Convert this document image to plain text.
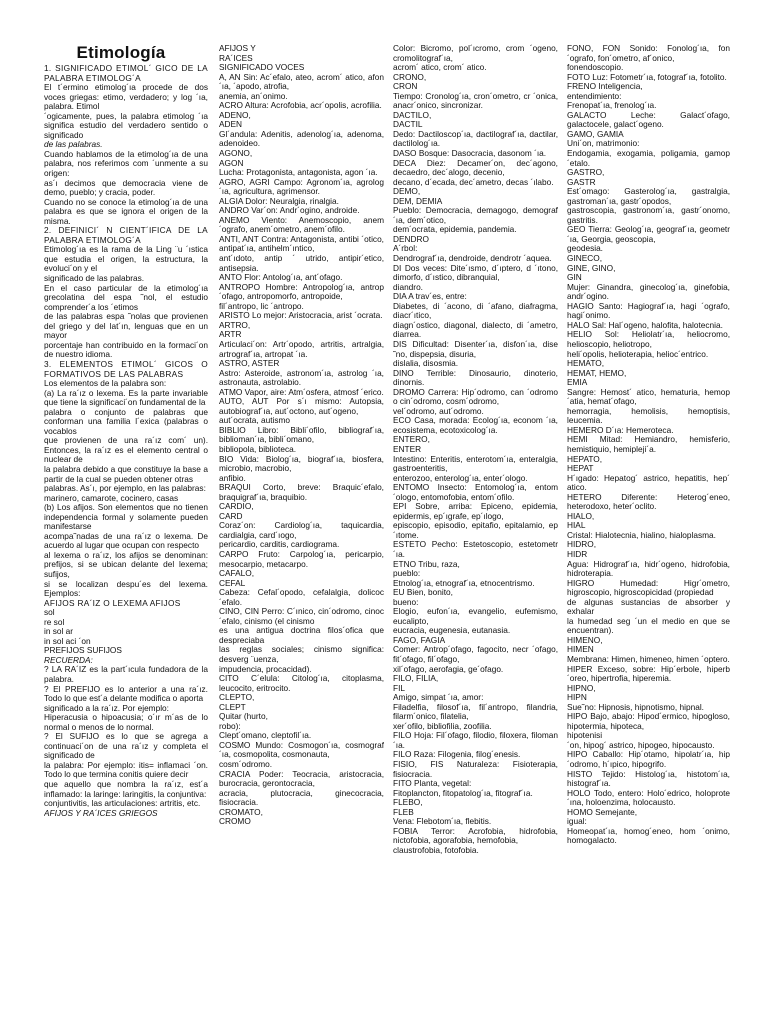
Etimología

1. SIGNIFICADO ETIMOL´ GICO DE LA PALABRA ETIMOLOG´A

El t´ermino etimolog´ıa procede de dos voces griegas: etimo, verdadero; y log ´ıa, palabra. Etimol

´ogicamente, pues, la palabra etimolog ´ıa significa estudio del verdadero sentido o significado

de las palabras.

Cuando hablamos de la etimolog´ıa de una palabra, nos referimos com ´unmente a su origen:

as´ı decimos que democracia viene de demo, pueblo; y cracia, poder.

Cuando no se conoce la etimolog´ıa de una palabra es que se ignora el origen de la misma.

2. DEFINICI´ N CIENT´IFICA DE LA PALABRA ETIMOLOG´A

Etimolog´ıa es la rama de la Ling ¨u ´ıstica que estudia el origen, la estructura, la evoluci´on y el

significado de las palabras.

En el caso particular de la etimolog´ıa grecolatina del espa ˜nol, el estudio comprender´a los ´etimos

de las palabras espa ˜nolas que provienen del griego y del lat´ın, lenguas que en un mayor

porcentaje han contribuido en la formaci´on de nuestro idioma.

3. ELEMENTOS ETIMOL´ GICOS O FORMATIVOS DE LAS PALABRAS

Los elementos de la palabra son:

(a) La ra´ız o lexema. Es la parte invariable que tiene la significaci´on fundamental de la

palabra o conjunto de palabras que conforman una familia l´exica (palabras o vocablos

que provienen de una ra´ız com´ un). Entonces, la ra´ız es el elemento central o nuclear de

la palabra debido a que constituye la base a partir de la cual se pueden obtener otras

palabras. As´ı, por ejemplo, en las palabras:

marinero, camarote, cocinero, casas

(b) Los afijos. Son elementos que no tienen independencia formal y solamente pueden manifestarse

acompa˜nadas de una ra´ız o lexema. De acuerdo al lugar que ocupan con respecto

al lexema o ra´ız, los afijos se denominan: prefijos, si se ubican delante del lexema; sufijos,

si se localizan despu´es del lexema. Ejemplos:

AFIJOS RA´IZ O LEXEMA AFIJOS

sol

re sol

in sol ar

in sol aci ´on

PREFIJOS SUFIJOS

RECUERDA:

? LA RA´IZ es la part´ıcula fundadora de la palabra.

? El PREFIJO es lo anterior a una ra´ız. Todo lo que est´a delante modifica o aporta

significado a la ra´ız. Por ejemplo:

Hiperacusia o hipoacusia; o´ır m´as de lo normal o menos de lo normal.

? El SUFIJO es lo que se agrega a continuaci´on de una ra´ız y completa el significado de

la palabra: Por ejemplo: itis= inflamaci ´on. Todo lo que termina conitis quiere decir

que aquello que nombra la ra´ız, est´a inflamado: la laringe: laringitis, la conjuntiva:

conjuntivitis, las articulaciones: artritis, etc.

AFIJOS Y RA´ICES GRIEGOS

AFIJOS Y

RA´ICES

SIGNIFICADO VOCES

A, AN Sin: Ac´efalo, ateo, acrom´ atico, afon´ıa, ´apodo, atrofia,

anemia, an´onimo.

ACRO Altura: Acrofobia, acr´opolis, acrofilia.

ADENO,

ADEN

Gl´andula: Adenitis, adenolog´ıa, adenoma, adenoideo.

AGONO,

AGON

Lucha: Protagonista, antagonista, agon ´ıa.

AGRO, AGRI Campo: Agronom´ıa, agrolog´ıa, agricultura, agrimensor.

ALGIA Dolor: Neuralgia, rinalgia.

ANDRO Var´on: Andr´ogino, androide.

ANEMO Viento: Anemoscopio, anem ´ografo, anem´ometro, anem´ofilo.

ANTI, ANT Contra: Antagonista, antibi ´otico, antipat´ıa, antihelm´ıntico,

ant´ıdoto, antip ´ utrido, antipir´etico, antisepsia.

ANTO Flor: Antolog´ıa, ant´ofago.

ANTROPO Hombre: Antropolog´ıa, antrop´ofago, antropomorfo, antropoide,

fil´antropo, lic ´antropo.

ARISTO Lo mejor: Aristocracia, arist ´ocrata.

ARTRO,

ARTR

Articulaci´on: Artr´opodo, artritis, artralgia, artrograf´ıa, artropat ´ıa.

ASTRO, ASTER

Astro: Asteroide, astronom´ıa, astrolog ´ıa, astronauta, astrolabio.

ATMO Vapor, aire: Atm´osfera, atmosf ´erico.

AUTO, AUT Por s´ı mismo: Autopsia, autobiograf´ıa, aut´octono, aut´ogeno,

aut´ocrata, autismo

BIBLIO Libro: Bibli´ofilo, bibliograf´ıa, biblioman´ıa, bibli´omano,

bibliopola, biblioteca.

BIO Vida: Biolog´ıa, biograf´ıa, biosfera, microbio, macrobio,

anfibio.

BRAQUI Corto, breve: Braquic´efalo, braquigraf´ıa, braquibio.

CARDIO,

CARD

Coraz´on: Cardiolog´ıa, taquicardia, cardialgia, card´ıogo,

pericardio, carditis, cardiograma.

CARPO Fruto: Carpolog´ıa, pericarpio, mesocarpio, metacarpo.

CAFALO,

CEFAL

Cabeza: Cefal´opodo, cefalalgia, dolicoc´efalo.

CINO, CIN Perro: C´ınico, cin´odromo, cinoc´efalo, cinismo (el cinismo

es una antigua doctrina filos´ofica que despreciaba

las reglas sociales; cinismo significa: desverg ¨uenza,

impudencia, procacidad).

CITO C´elula: Citolog´ıa, citoplasma, leucocito, eritrocito.

CLEPTO,

CLEPT

Quitar (hurto,

robo):

Clept´omano, cleptofil´ıa.

COSMO Mundo: Cosmogon´ıa, cosmograf´ıa, cosmopolita, cosmonauta,

cosm´odromo.

CRACIA Poder: Teocracia, aristocracia, burocracia, gerontocracia,

acracia, plutocracia, ginecocracia, fisiocracia.

CROMATO,

CROMO

Color: Bicromo, pol´ıcromo, crom ´ogeno, cromolitograf´ıa,

acrom´ atico, crom´ atico.

CRONO,

CRON

Tiempo: Cronolog´ıa, cron´ometro, cr ´onica, anacr´onico, sincronizar.

DACTILO,

DACTIL

Dedo: Dactiloscop´ıa, dactilograf´ıa, dactilar, dactilolog´ıa.

DASO Bosque: Dasocracia, dasonom ´ıa.

DECA Diez: Decamer´on, dec´agono, decaedro, dec´alogo, decenio,

decano, d´ecada, dec´ametro, decas ´ılabo.

DEMO,

DEM, DEMIA

Pueblo: Democracia, demagogo, demograf´ıa, dem´otico,

dem´ocrata, epidemia, pandemia.

DENDRO

A´rbol:

Dendrograf´ıa, dendroide, dendrotr ´aquea.

DI Dos veces: Dite´ısmo, d´ıptero, d ´ıtono, dimorfo, d´ıstico, dibranquial,

diandro.

DIA A trav´es, entre:

Diabetes, di ´acono, di ´afano, diafragma, diacr´ıtico,

diagn´ostico, diagonal, dialecto, di ´ametro, diarrea.

DIS Dificultad: Disenter´ıa, disfon´ıa, dise ˜no, dispepsia, disuria,

dislalia, disosmia.

DINO Terrible: Dinosaurio, dinoterio, dinornis.

DROMO Carrera: Hip´odromo, can ´odromo o cin´odromo, cosm´odromo,

vel´odromo, aut´odromo.

ECO Casa, morada: Ecolog´ıa, econom ´ıa, ecosistema, ecotoxicolog´ıa.

ENTERO,

ENTER

Intestino: Enteritis, enterotom´ıa, enteralgia, gastroenteritis,

enterozoo, enterolog´ıa, enter´ologo.

ENTOMO Insecto: Entomolog´ıa, entom ´ologo, entomofobia, entom´ofilo.

EPI Sobre, arriba: Epiceno, epidemia, epidermis, ep´ıgrafe, ep´ılogo,

episcopio, episodio, epitafio, epitalamio, ep´ıtome.

ESTETO Pecho: Estetoscopio, estetometr´ıa.

ETNO Tribu, raza,

pueblo:

Etnolog´ıa, etnograf´ıa, etnocentrismo.

EU Bien, bonito,

bueno:

Elogio, eufon´ıa, evangelio, eufemismo, eucalipto,

eucracia, eugenesia, eutanasia.

FAGO, FAGIA

Comer: Antrop´ofago, fagocito, necr ´ofago, fit´ofago, fil´ofago,

xil´ofago, aerofagia, ge´ofago.

FILO, FILIA,

FIL

Amigo, simpat ´ıa, amor:

Filadelfia, filosof´ıa, fil´antropo, filandria, filarm´onico, filatelia,

xer´ofilo, bibliofilia, zoofilia.

FILO Hoja: Fil´ofago, filodio, filoxera, filoman´ıa.

FILO Raza: Filogenia, filog´enesis.

FISIO, FIS Naturaleza: Fisioterapia, fisiocracia.

FITO Planta, vegetal:

Fitoplancton, fitopatolog´ıa, fitograf´ıa.

FLEBO,

FLEB

Vena: Flebotom´ıa, flebitis.

FOBIA Terror: Acrofobia, hidrofobia, nictofobia, agorafobia, hemofobia,

claustrofobia, fotofobia.

FONO, FON Sonido: Fonolog´ıa, fon ´ografo, fon´ometro, af´onico,

fonendoscopio.

FOTO Luz: Fotometr´ıa, fotograf´ıa, fotolito.

FRENO Inteligencia,

entendimiento:

Frenopat´ıa, frenolog´ıa.

GALACTO Leche: Galact´ofago, galactocele, galact´ogeno.

GAMO, GAMIA

Uni´on, matrimonio:

Endogamia, exogamia, poligamia, gamop´etalo.

GASTRO,

GASTR

Est´omago: Gasterolog´ıa, gastralgia, gastroman´ıa, gastr´opodos,

gastroscopia, gastronom´ıa, gastr´onomo, gastritis.

GEO Tierra: Geolog´ıa, geograf´ıa, geometr´ıa, Georgia, geoscopia,

geodesia.

GINECO,

GINE, GINO,

GIN

Mujer: Ginandra, ginecolog´ıa, ginefobia, andr´ogino.

HAGIO Santo: Hagiograf´ıa, hagi ´ografo, hagi´onimo.

HALO Sal: Hal´ogeno, halofita, halotecnia.

HELIO Sol: Heliolatr´ıa, heliocromo, helioscopio, heliotropo,

heli´opolis, helioterapia, helioc´entrico.

HEMATO,

HEMAT, HEMO,

EMIA

Sangre: Hemost´ atico, hematuria, hemop´atia, hemat´ofago,

hemorragia, hemolisis, hemoptisis, leucemia.

HEMERO D´ıa: Hemeroteca.

HEMI Mitad: Hemiandro, hemisferio, hemistiquio, hemipleji´a.

HEPATO,

HEPAT

H´ıgado: Hepatog´ astrico, hepatitis, hep´ atico.

HETERO Diferente: Heterog´eneo, heterodoxo, heter´oclito.

HIALO,

HIAL

Cristal: Hialotecnia, hialino, hialoplasma.

HIDRO,

HIDR

Agua: Hidrograf´ıa, hidr´ogeno, hidrofobia, hidroterapia.

HIGRO Humedad: Higr´ometro, higroscopio, higroscopicidad (propiedad

de algunas sustancias de absorber y exhalar

la humedad seg ´un el medio en que se encuentran).

HIMENO,

HIMEN

Membrana: Himen, himeneo, himen ´optero.

HIPER Exceso, sobre: Hip´erbole, hiperb´oreo, hipertrofia, hiperemia.

HIPNO,

HIPN

Sue˜no: Hipnosis, hipnotismo, hipnal.

HIPO Bajo, abajo: Hipod´ermico, hipogloso, hipotermia, hipoteca,

hipotenisi

´on, hipog´ astrico, hipogeo, hipocausto.

HIPO Caballo: Hip´otamo, hipolatr´ıa, hip´odromo, h´ıpico, hipogrifo.

HISTO Tejido: Histolog´ıa, histotom´ıa, histograf´ıa.

HOLO Todo, entero: Holo´edrico, holoprote´ına, holoenzima, holocausto.

HOMO Semejante,

igual:

Homeopat´ıa, homog´eneo, hom ´onimo, homogalacto.
